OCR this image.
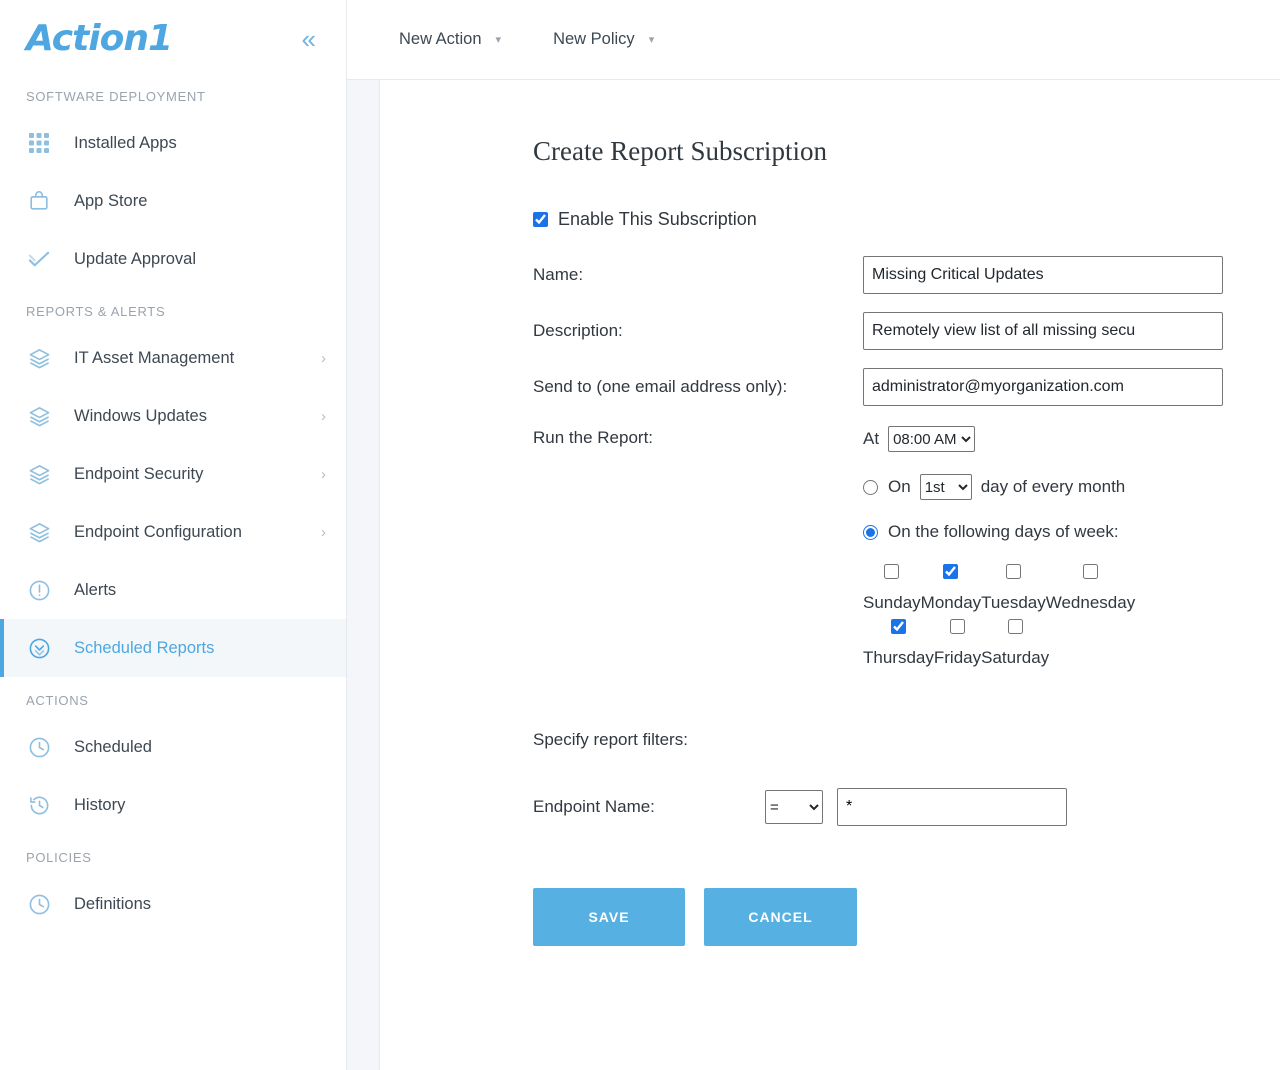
Action1	«
SOFTWARE DEPLOYMENT
Installed Apps
App Store
Update Approval
REPORTS & ALERTS
IT Asset Management	›
Windows Updates	›
Endpoint Security	›
Endpoint Configuration	›
Alerts
Scheduled Reports
ACTIONS
Scheduled
History
POLICIES
Definitions
New Action ▾	New Policy ▾
Create Report Subscription
Enable This Subscription
Name:
Missing Critical Updates
Description:
Remotely view list of all missing secu
Send to (one email address only):
administrator@myorganization.com
Run the Report:	At
08:00 AM
On
1st	day of every month
On the following days of week:
Sunday Monday Tuesday Wednesday
Thursday Friday Saturday
Specify report filters:
Endpoint Name:
=
*
SAVE	CANCEL
